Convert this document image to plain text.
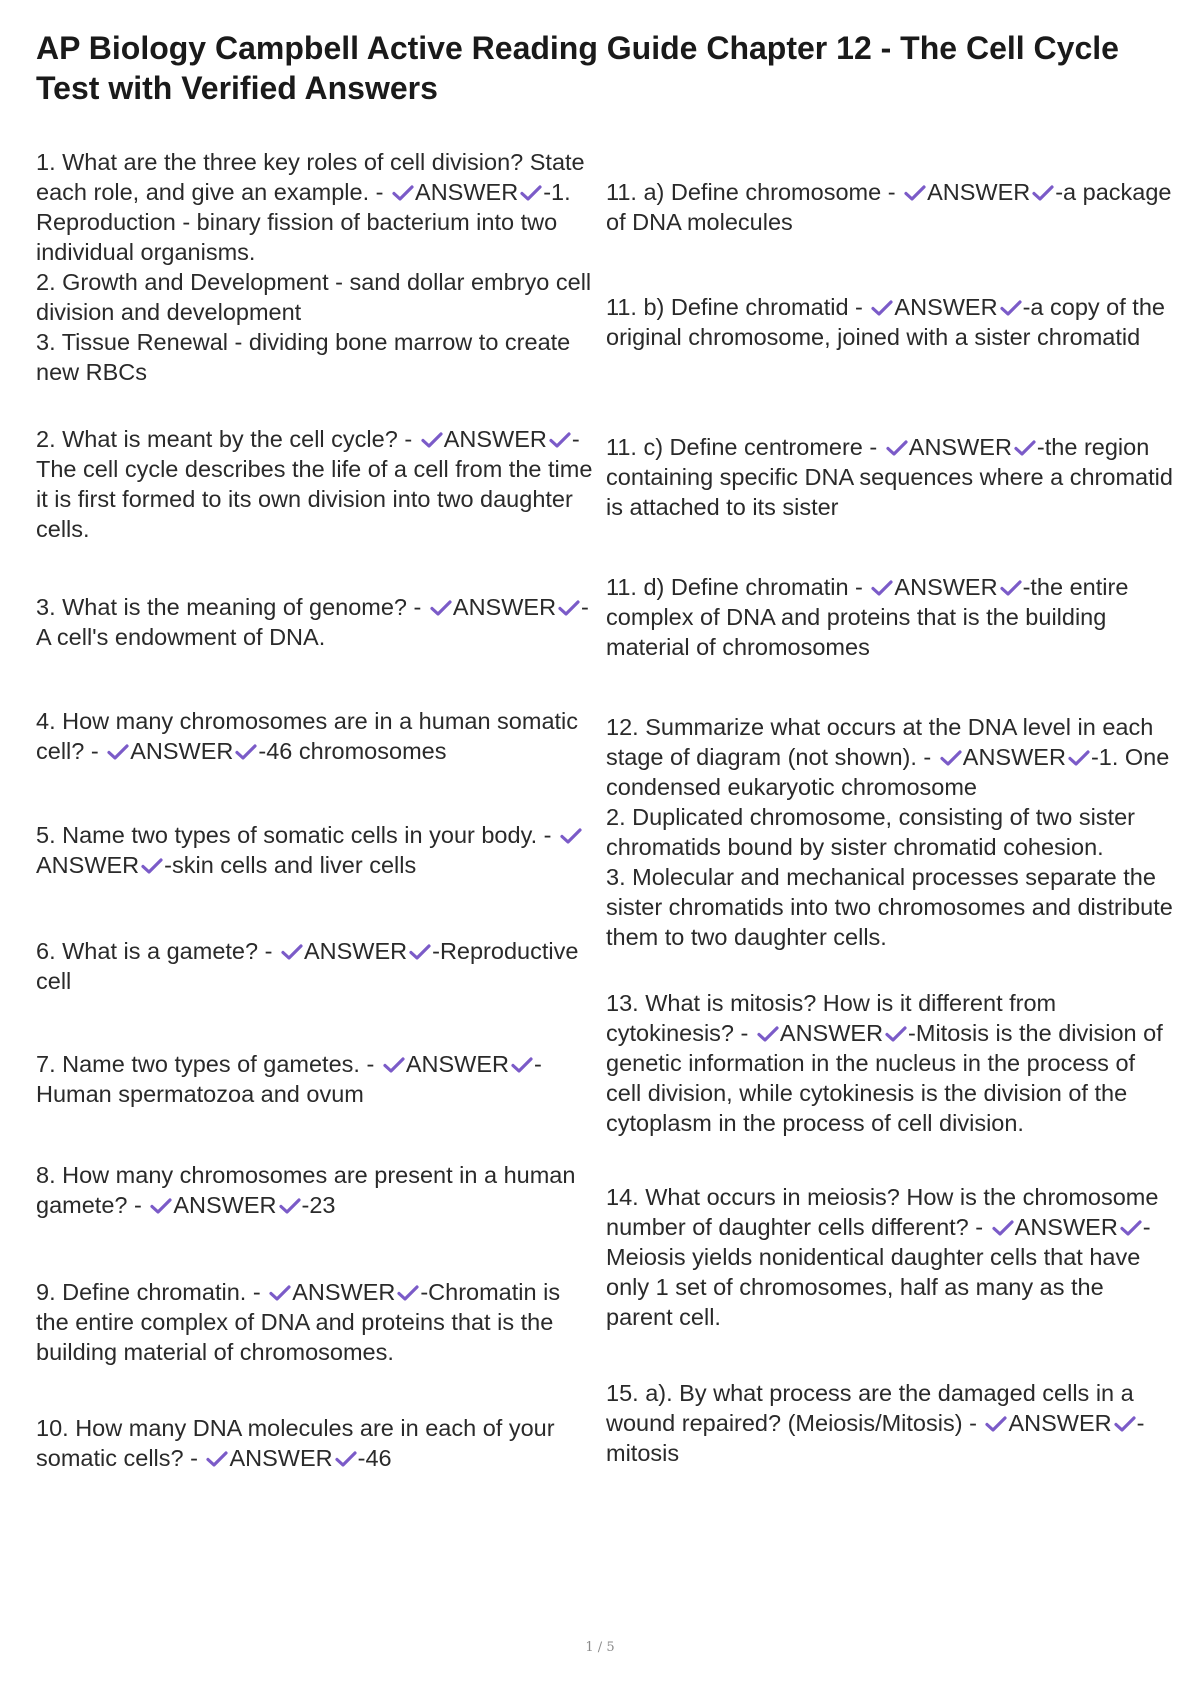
AP Biology Campbell Active Reading Guide Chapter 12 - The Cell Cycle
Test with Verified Answers

1. What are the three key roles of cell division? State each role, and give an example. -
ANSWER -1. Reproduction - binary fission of bacterium into two individual organisms.
2. Growth and Development - sand dollar embryo cell division and development
3. Tissue Renewal - dividing bone marrow to create new RBCs

2. What is meant by the cell cycle? -
ANSWER -The cell cycle describes the life of a cell from the time it is first formed to its own division into two daughter cells.

3. What is the meaning of genome? -
ANSWER -A cell's endowment of DNA.

4. How many chromosomes are in a human somatic cell? -
ANSWER -46 chromosomes

5. Name two types of somatic cells in your body. -
ANSWER -skin cells and liver cells

6. What is a gamete? -
ANSWER -Reproductive cell

7. Name two types of gametes. -
ANSWER -Human spermatozoa and ovum

8. How many chromosomes are present in a human gamete? -
ANSWER -23

9. Define chromatin. -
ANSWER -Chromatin is the entire complex of DNA and proteins that is the building material of chromosomes.

10. How many DNA molecules are in each of your somatic cells? -
ANSWER -46

11. a) Define chromosome -
ANSWER -a package of DNA molecules

11. b) Define chromatid -
ANSWER -a copy of the original chromosome, joined with a sister chromatid

11. c) Define centromere -
ANSWER -the region containing specific DNA sequences where a chromatid is attached to its sister

11. d) Define chromatin -
ANSWER -the entire complex of DNA and proteins that is the building material of chromosomes

12. Summarize what occurs at the DNA level in each stage of diagram (not shown). -
ANSWER -1. One condensed eukaryotic chromosome
2. Duplicated chromosome, consisting of two sister chromatids bound by sister chromatid cohesion.
3. Molecular and mechanical processes separate the sister chromatids into two chromosomes and distribute them to two daughter cells.

13. What is mitosis? How is it different from cytokinesis? -
ANSWER -Mitosis is the division of genetic information in the nucleus in the process of cell division, while cytokinesis is the division of the cytoplasm in the process of cell division.

14. What occurs in meiosis? How is the chromosome number of daughter cells different? -
ANSWER -Meiosis yields nonidentical daughter cells that have only 1 set of chromosomes, half as many as the parent cell.

15. a). By what process are the damaged cells in a wound repaired? (Meiosis/Mitosis) -
ANSWER -mitosis

1 / 5
